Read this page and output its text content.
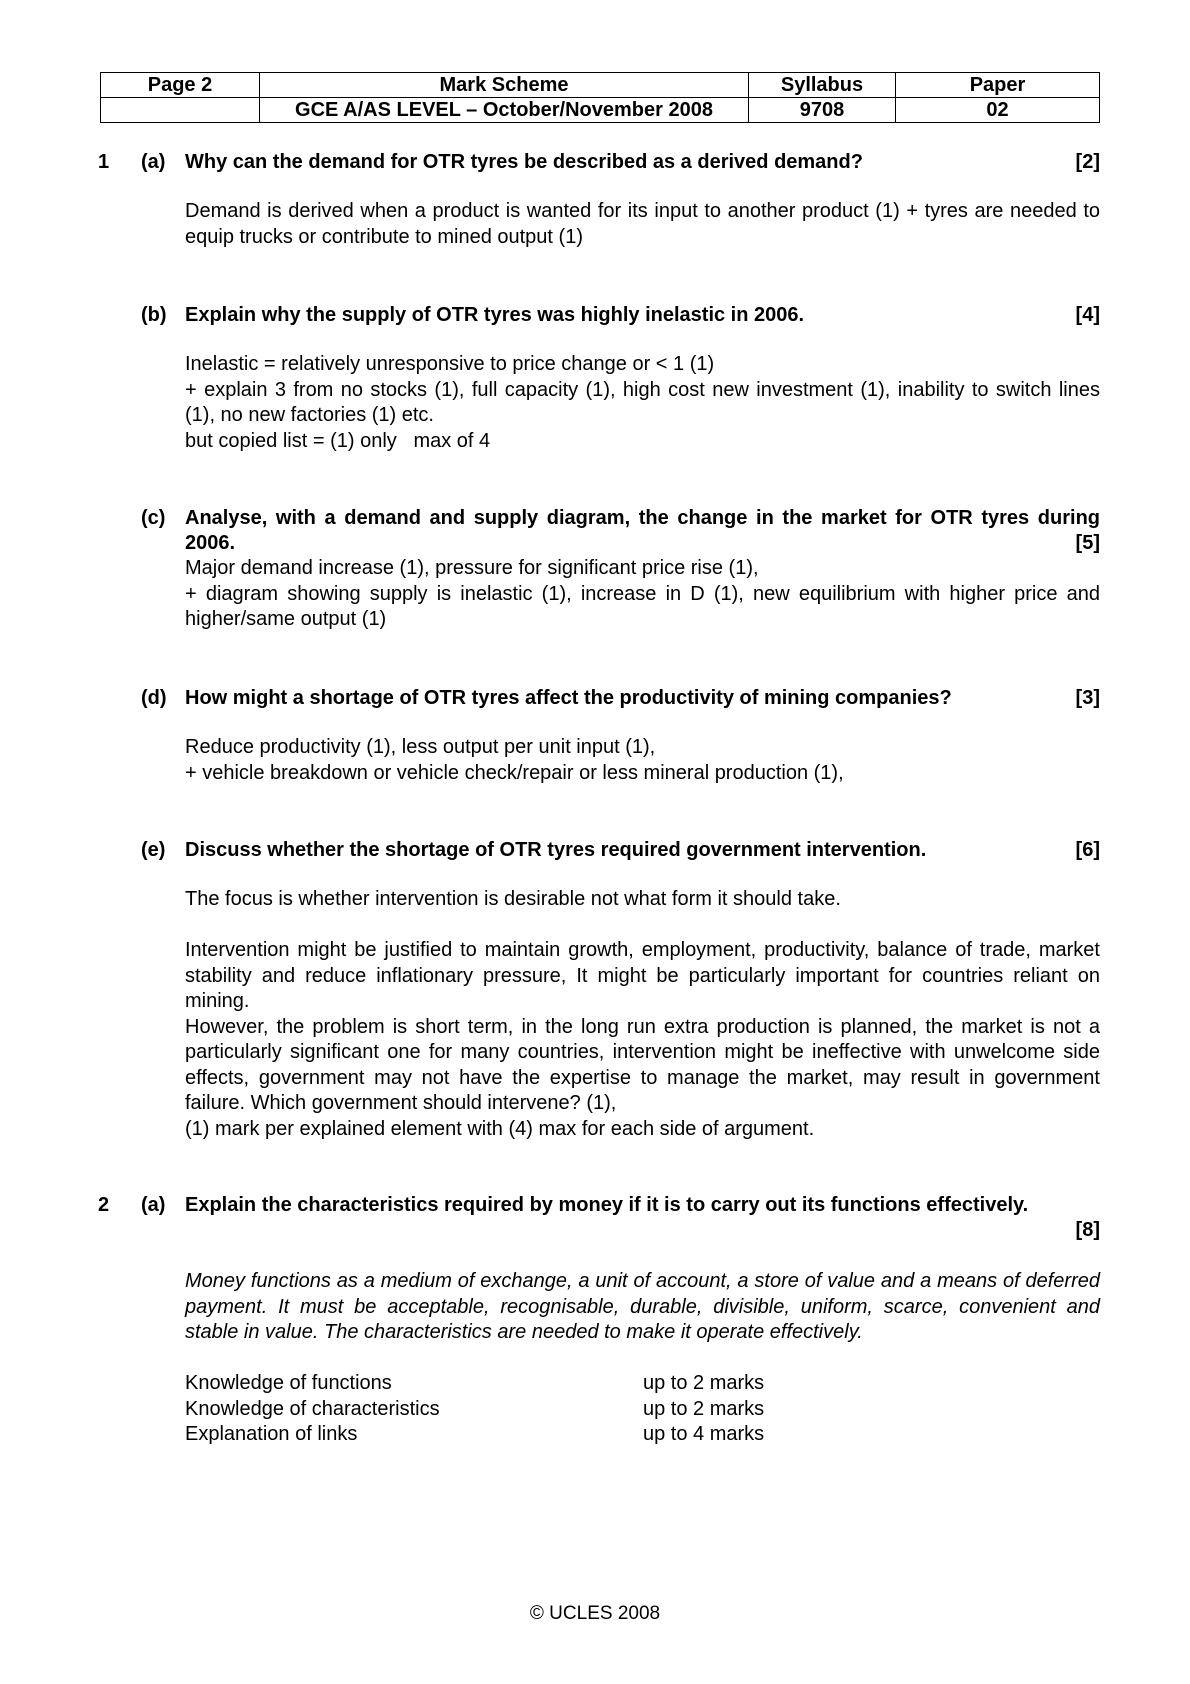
Page 2	Mark Scheme	Syllabus	Paper
	GCE A/AS LEVEL – October/November 2008	9708	02
1 (a) Why can the demand for OTR tyres be described as a derived demand?	[2]

Demand is derived when a product is wanted for its input to another product (1) + tyres are needed to equip trucks or contribute to mined output (1)

(b) Explain why the supply of OTR tyres was highly inelastic in 2006.	[4]

Inelastic = relatively unresponsive to price change or < 1 (1)

+ explain 3 from no stocks (1), full capacity (1), high cost new investment (1), inability to switch lines (1), no new factories (1) etc.

but copied list = (1) only   max of 4

(c) Analyse, with a demand and supply diagram, the change in the market for OTR tyres during 2006.	[5]

Major demand increase (1), pressure for significant price rise (1),

+ diagram showing supply is inelastic (1), increase in D (1), new equilibrium with higher price and higher/same output (1)

(d) How might a shortage of OTR tyres affect the productivity of mining companies?	[3]

Reduce productivity (1), less output per unit input (1),

+ vehicle breakdown or vehicle check/repair or less mineral production (1),

(e) Discuss whether the shortage of OTR tyres required government intervention.	[6]

The focus is whether intervention is desirable not what form it should take.

Intervention might be justified to maintain growth, employment, productivity, balance of trade, market stability and reduce inflationary pressure, It might be particularly important for countries reliant on mining.

However, the problem is short term, in the long run extra production is planned, the market is not a particularly significant one for many countries, intervention might be ineffective with unwelcome side effects, government may not have the expertise to manage the market, may result in government failure. Which government should intervene? (1),

(1) mark per explained element with (4) max for each side of argument.

2 (a) Explain the characteristics required by money if it is to carry out its functions effectively.
[8]

Money functions as a medium of exchange, a unit of account, a store of value and a means of deferred payment. It must be acceptable, recognisable, durable, divisible, uniform, scarce, convenient and stable in value. The characteristics are needed to make it operate effectively.

Knowledge of functions	up to 2 marks
Knowledge of characteristics	up to 2 marks
Explanation of links	up to 4 marks
© UCLES 2008
